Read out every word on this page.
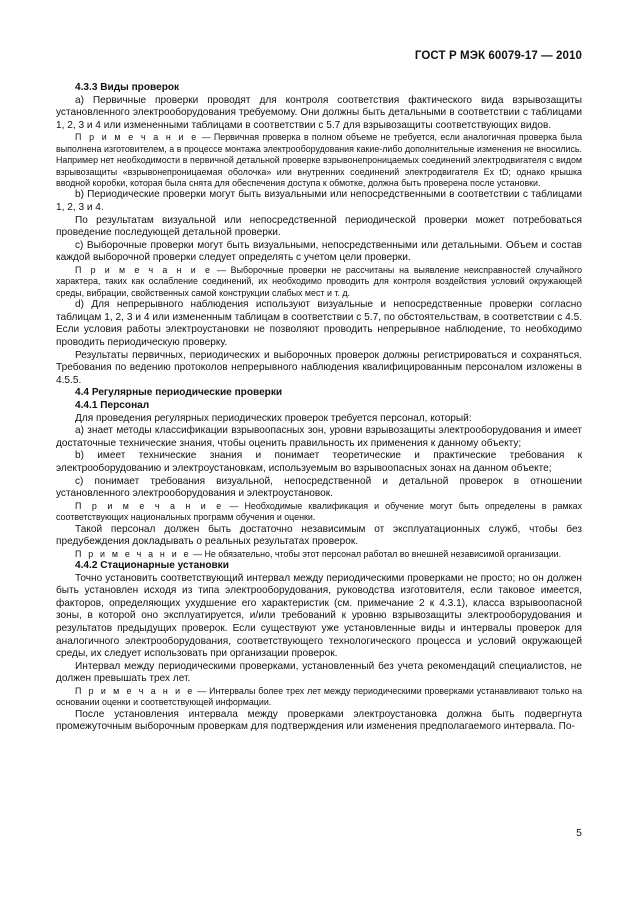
ГОСТ Р МЭК 60079-17 — 2010

4.3.3 Виды проверок

а) Первичные проверки проводят для контроля соответствия фактического вида взрывозащиты установленного электрооборудования требуемому. Они должны быть детальными в соответствии с таблицами 1, 2, 3 и 4 или измененными таблицами в соответствии с 5.7 для взрывозащиты соответствующих видов.

П р и м е ч а н и е — Первичная проверка в полном объеме не требуется, если аналогичная проверка была выполнена изготовителем, а в процессе монтажа электрооборудования какие-либо дополнительные изменения не вносились. Например нет необходимости в первичной детальной проверке взрывонепроницаемых соединений электродвигателя с видом взрывозащиты «взрывонепроницаемая оболочка» или внутренних соединений электродвигателя Ex tD; однако крышка вводной коробки, которая была снята для обеспечения доступа к обмотке, должна быть проверена после установки.

b) Периодические проверки могут быть визуальными или непосредственными в соответствии с таблицами 1, 2, 3 и 4.

По результатам визуальной или непосредственной периодической проверки может потребоваться проведение последующей детальной проверки.

c) Выборочные проверки могут быть визуальными, непосредственными или детальными. Объем и состав каждой выборочной проверки следует определять с учетом цели проверки.

П р и м е ч а н и е — Выборочные проверки не рассчитаны на выявление неисправностей случайного характера, таких как ослабление соединений, их необходимо проводить для контроля воздействия условий окружающей среды, вибрации, свойственных самой конструкции слабых мест и т. д.

d) Для непрерывного наблюдения используют визуальные и непосредственные проверки согласно таблицам 1, 2, 3 и 4 или измененным таблицам в соответствии с 5.7, по обстоятельствам, в соответствии с 4.5. Если условия работы электроустановки не позволяют проводить непрерывное наблюдение, то необходимо проводить периодическую проверку.

Результаты первичных, периодических и выборочных проверок должны регистрироваться и сохраняться. Требования по ведению протоколов непрерывного наблюдения квалифицированным персоналом изложены в 4.5.5.

4.4 Регулярные периодические проверки

4.4.1 Персонал

Для проведения регулярных периодических проверок требуется персонал, который:

а) знает методы классификации взрывоопасных зон, уровни взрывозащиты электрооборудования и имеет достаточные технические знания, чтобы оценить правильность их применения к данному объекту;

b) имеет технические знания и понимает теоретические и практические требования к электрооборудованию и электроустановкам, используемым во взрывоопасных зонах на данном объекте;

c) понимает требования визуальной, непосредственной и детальной проверок в отношении установленного электрооборудования и электроустановок.

П р и м е ч а н и е — Необходимые квалификация и обучение могут быть определены в рамках соответствующих национальных программ обучения и оценки.

Такой персонал должен быть достаточно независимым от эксплуатационных служб, чтобы без предубеждения докладывать о реальных результатах проверок.

П р и м е ч а н и е — Не обязательно, чтобы этот персонал работал во внешней независимой организации.

4.4.2 Стационарные установки

Точно установить соответствующий интервал между периодическими проверками не просто; но он должен быть установлен исходя из типа электрооборудования, руководства изготовителя, если таковое имеется, факторов, определяющих ухудшение его характеристик (см. примечание 2 к 4.3.1), класса взрывоопасной зоны, в которой оно эксплуатируется, и/или требований к уровню взрывозащиты электрооборудования и результатов предыдущих проверок. Если существуют уже установленные виды и интервалы проверок для аналогичного электрооборудования, соответствующего технологического процесса и условий окружающей среды, их следует использовать при организации проверок.

Интервал между периодическими проверками, установленный без учета рекомендаций специалистов, не должен превышать трех лет.

П р и м е ч а н и е — Интервалы более трех лет между периодическими проверками устанавливают только на основании оценки и соответствующей информации.

После установления интервала между проверками электроустановка должна быть подвергнута промежуточным выборочным проверкам для подтверждения или изменения предполагаемого интервала. По-

5
